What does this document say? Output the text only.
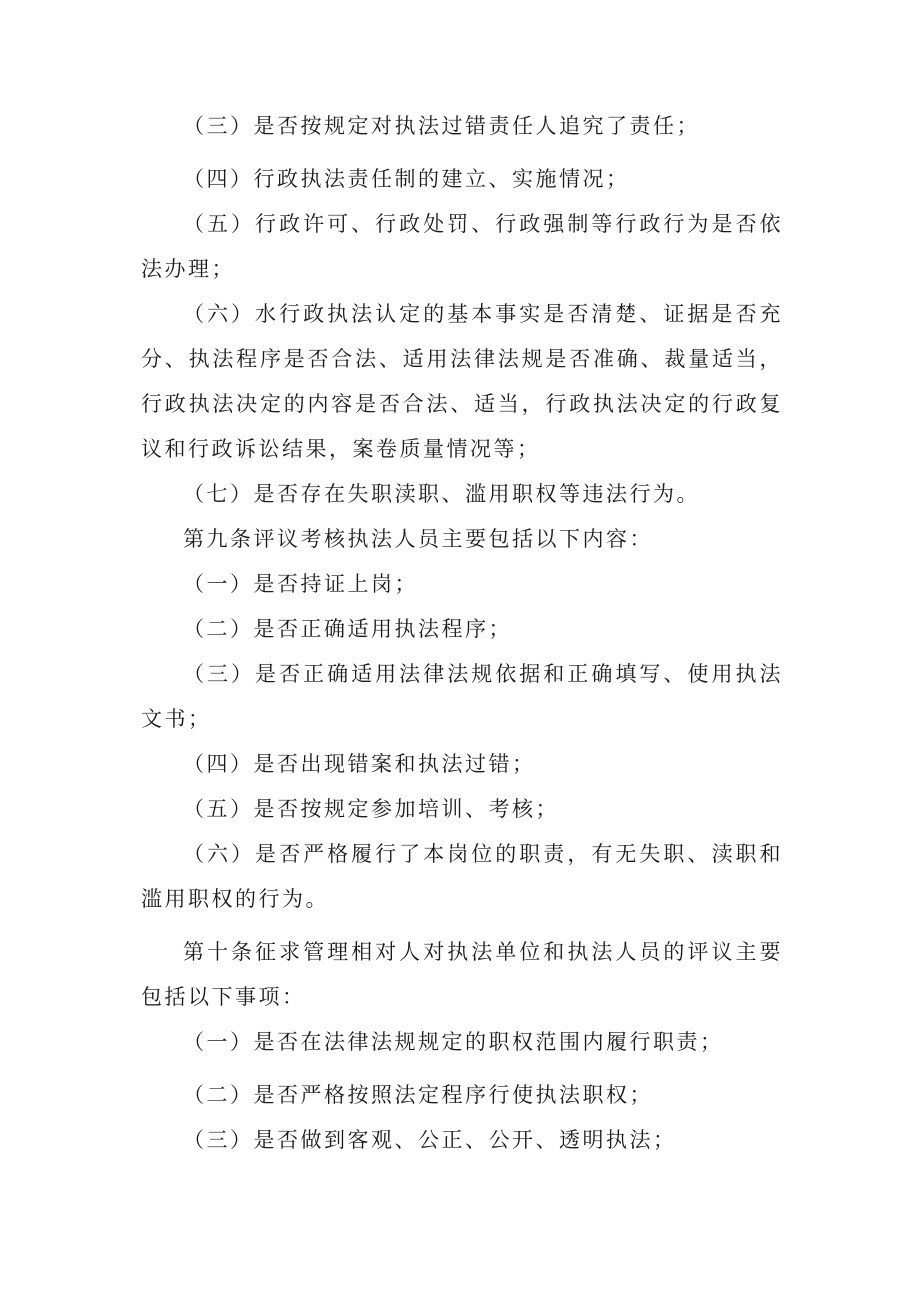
（三）是否按规定对执法过错责任人追究了责任；

（四）行政执法责任制的建立、实施情况；

（五）行政许可、行政处罚、行政强制等行政行为是否依法办理；

（六）水行政执法认定的基本事实是否清楚、证据是否充分、执法程序是否合法、适用法律法规是否准确、裁量适当，行政执法决定的内容是否合法、适当，行政执法决定的行政复议和行政诉讼结果，案卷质量情况等；

（七）是否存在失职渎职、滥用职权等违法行为。

第九条评议考核执法人员主要包括以下内容：

（一）是否持证上岗；

（二）是否正确适用执法程序；

（三）是否正确适用法律法规依据和正确填写、使用执法文书；

（四）是否出现错案和执法过错；

（五）是否按规定参加培训、考核；

（六）是否严格履行了本岗位的职责，有无失职、渎职和滥用职权的行为。

第十条征求管理相对人对执法单位和执法人员的评议主要包括以下事项：

（一）是否在法律法规规定的职权范围内履行职责；

（二）是否严格按照法定程序行使执法职权；

（三）是否做到客观、公正、公开、透明执法；
